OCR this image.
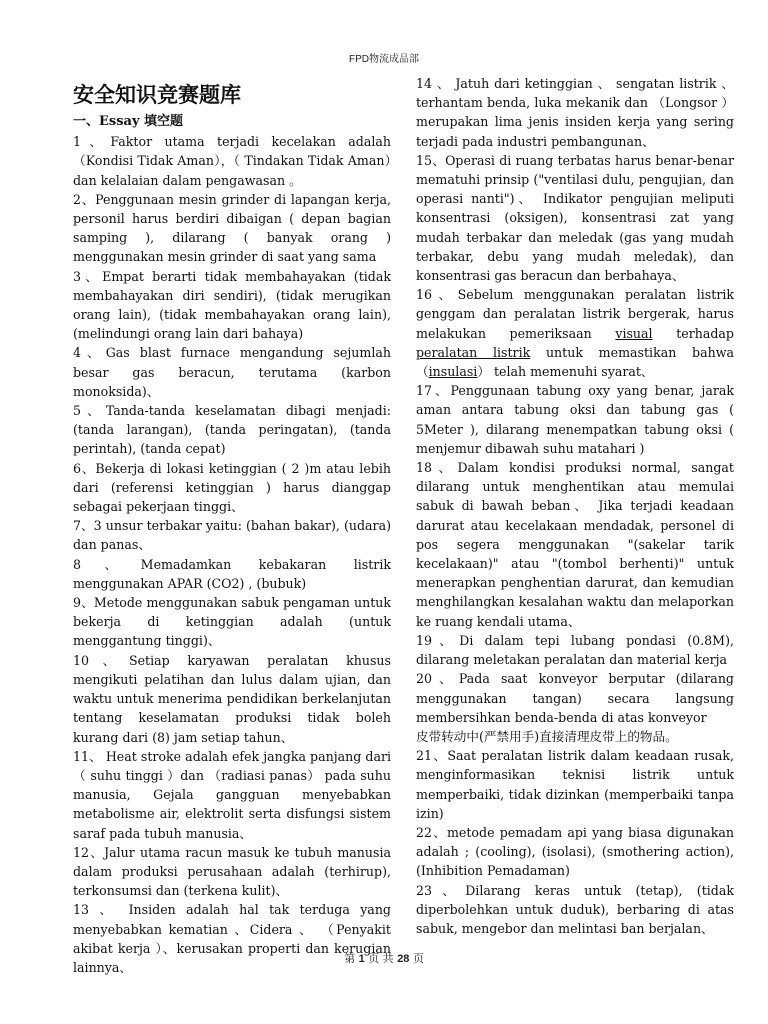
FPD物流成品部
安全知识竞赛题库
一、Essay 填空题

1、Faktor utama terjadi kecelakan adalah （Kondisi Tidak Aman），（ Tindakan Tidak Aman）dan kelalaian dalam pengawasan 。

2、Penggunaan mesin grinder di lapangan kerja, personil harus berdiri dibaigan ( depan bagian samping ), dilarang ( banyak orang ) menggunakan mesin grinder di saat yang sama

3、Empat berarti tidak membahayakan (tidak membahayakan diri sendiri), (tidak merugikan orang lain), (tidak membahayakan orang lain), (melindungi orang lain dari bahaya)

4、Gas blast furnace mengandung sejumlah besar gas beracun, terutama (karbon monoksida)、

5、Tanda-tanda keselamatan dibagi menjadi: (tanda larangan), (tanda peringatan), (tanda perintah), (tanda cepat)

6、Bekerja di lokasi ketinggian ( 2 )m atau lebih dari (referensi ketinggian ) harus dianggap sebagai pekerjaan tinggi、

7、3 unsur terbakar yaitu: (bahan bakar), (udara) dan panas、

8、Memadamkan kebakaran listrik menggunakan APAR (CO2) , (bubuk)

9、Metode menggunakan sabuk pengaman untuk bekerja di ketinggian adalah (untuk menggantung tinggi)、

10、Setiap karyawan peralatan khusus mengikuti pelatihan dan lulus dalam ujian, dan waktu untuk menerima pendidikan berkelanjutan tentang keselamatan produksi tidak boleh kurang dari (8) jam setiap tahun、

11、 Heat stroke adalah efek jangka panjang dari（ suhu tinggi ）dan （radiasi panas） pada suhu manusia, Gejala gangguan menyebabkan metabolisme air, elektrolit serta disfungsi sistem saraf pada tubuh manusia、

12、Jalur utama racun masuk ke tubuh manusia dalam produksi perusahaan adalah (terhirup), terkonsumsi dan (terkena kulit)、

13 、 Insiden adalah hal tak terduga yang menyebabkan kematian 、Cidera 、 （Penyakit akibat kerja ）、kerusakan properti dan kerugian lainnya、

14 、 Jatuh dari ketinggian 、 sengatan listrik 、 terhantam benda, luka mekanik dan （Longsor ）merupakan lima jenis insiden kerja yang sering terjadi pada industri pembangunan、

15、Operasi di ruang terbatas harus benar-benar mematuhi prinsip ("ventilasi dulu, pengujian, dan operasi nanti")、 Indikator pengujian meliputi konsentrasi (oksigen), konsentrasi zat yang mudah terbakar dan meledak (gas yang mudah terbakar, debu yang mudah meledak), dan konsentrasi gas beracun dan berbahaya、

16、Sebelum menggunakan peralatan listrik genggam dan peralatan listrik bergerak, harus melakukan pemeriksaan visual terhadap peralatan listrik untuk memastikan bahwa （insulasi） telah memenuhi syarat、

17、Penggunaan tabung oxy yang benar, jarak aman antara tabung oksi dan tabung gas ( 5Meter ), dilarang menempatkan tabung oksi ( menjemur dibawah suhu matahari )

18、Dalam kondisi produksi normal, sangat dilarang untuk menghentikan atau memulai sabuk di bawah beban、 Jika terjadi keadaan darurat atau kecelakaan mendadak, personel di pos segera menggunakan "(sakelar tarik kecelakaan)" atau "(tombol berhenti)" untuk menerapkan penghentian darurat, dan kemudian menghilangkan kesalahan waktu dan melaporkan ke ruang kendali utama、

19、Di dalam tepi lubang pondasi (0.8M), dilarang meletakan peralatan dan material kerja

20、Pada saat konveyor berputar (dilarang menggunakan tangan) secara langsung membersihkan benda-benda di atas konveyor

皮带转动中(严禁用手)直接清理皮带上的物品。

21、Saat peralatan listrik dalam keadaan rusak, menginformasikan teknisi listrik untuk memperbaiki, tidak dizinkan (memperbaiki tanpa izin)

22、metode pemadam api yang biasa digunakan adalah ; (cooling), (isolasi), (smothering action), (Inhibition Pemadaman)

23、Dilarang keras untuk (tetap), (tidak diperbolehkan untuk duduk), berbaring di atas sabuk, mengebor dan melintasi ban berjalan、

第 1 页 共 28 页
